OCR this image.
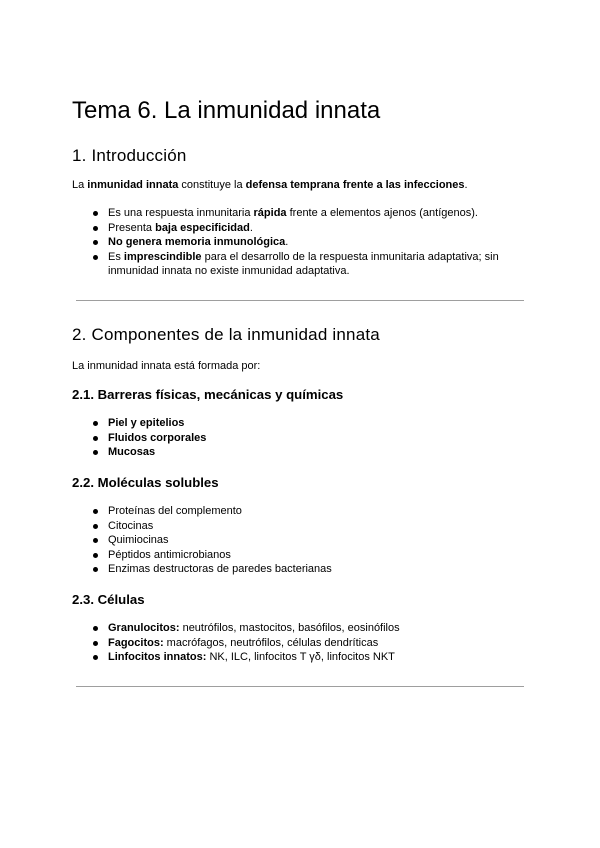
Tema 6. La inmunidad innata
1. Introducción

La inmunidad innata constituye la defensa temprana frente a las infecciones.

Es una respuesta inmunitaria rápida frente a elementos ajenos (antígenos).
Presenta baja especificidad.
No genera memoria inmunológica.
Es imprescindible para el desarrollo de la respuesta inmunitaria adaptativa; sin inmunidad innata no existe inmunidad adaptativa.
2. Componentes de la inmunidad innata

La inmunidad innata está formada por:

2.1. Barreras físicas, mecánicas y químicas
Piel y epitelios
Fluidos corporales
Mucosas
2.2. Moléculas solubles
Proteínas del complemento
Citocinas
Quimiocinas
Péptidos antimicrobianos
Enzimas destructoras de paredes bacterianas
2.3. Células
Granulocitos: neutrófilos, mastocitos, basófilos, eosinófilos
Fagocitos: macrófagos, neutrófilos, células dendríticas
Linfocitos innatos: NK, ILC, linfocitos T γδ, linfocitos NKT
